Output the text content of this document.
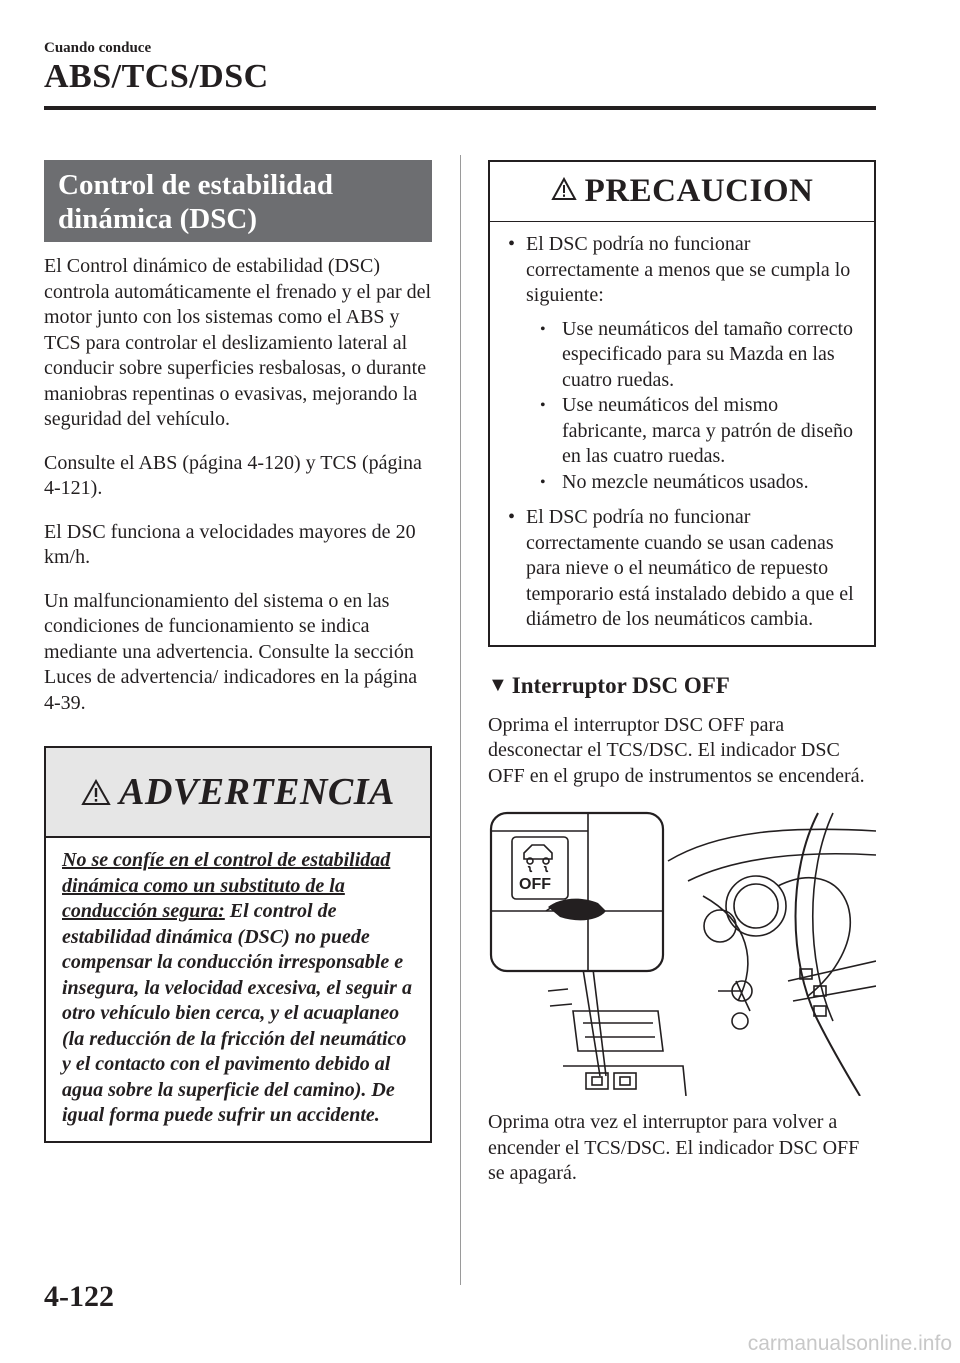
Cuando conduce
ABS/TCS/DSC
Control de estabilidad dinámica (DSC)

El Control dinámico de estabilidad (DSC) controla automáticamente el frenado y el par del motor junto con los sistemas como el ABS y TCS para controlar el deslizamiento lateral al conducir sobre superficies resbalosas, o durante maniobras repentinas o evasivas, mejorando la seguridad del vehículo.

Consulte el ABS (página 4-120) y TCS (página 4-121).

El DSC funciona a velocidades mayores de 20 km/h.

Un malfuncionamiento del sistema o en las condiciones de funcionamiento se indica mediante una advertencia. Consulte la sección Luces de advertencia/ indicadores en la página 4-39.

ADVERTENCIA
No se confíe en el control de estabilidad dinámica como un substituto de la conducción segura: El control de estabilidad dinámica (DSC) no puede compensar la conducción irresponsable e insegura, la velocidad excesiva, el seguir a otro vehículo bien cerca, y el acuaplaneo (la reducción de la fricción del neumático y el contacto con el pavimento debido al agua sobre la superficie del camino). De igual forma puede sufrir un accidente.
PRECAUCION
• El DSC podría no funcionar correctamente a menos que se cumpla lo siguiente:
• Use neumáticos del tamaño correcto especificado para su Mazda en las cuatro ruedas.
• Use neumáticos del mismo fabricante, marca y patrón de diseño en las cuatro ruedas.
• No mezcle neumáticos usados.
• El DSC podría no funcionar correctamente cuando se usan cadenas para nieve o el neumático de repuesto temporario está instalado debido a que el diámetro de los neumáticos cambia.
▼ Interruptor DSC OFF

Oprima el interruptor DSC OFF para desconectar el TCS/DSC. El indicador DSC OFF en el grupo de instrumentos se encenderá.

OFF

Oprima otra vez el interruptor para volver a encender el TCS/DSC. El indicador DSC OFF se apagará.

4-122
carmanualsonline.info
